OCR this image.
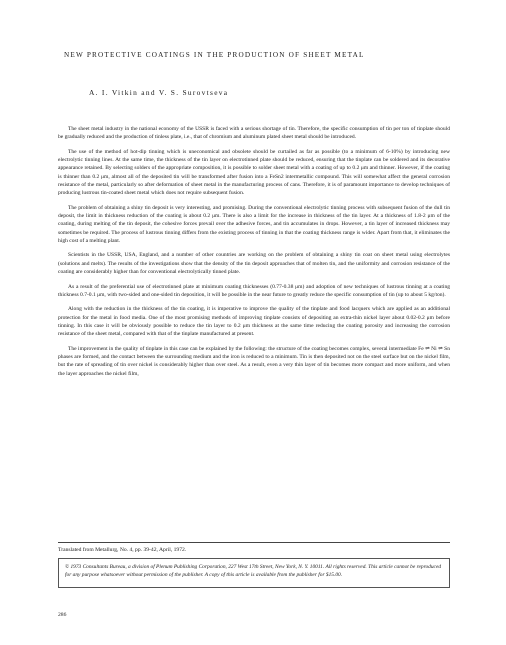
NEW PROTECTIVE COATINGS IN THE PRODUCTION OF SHEET METAL
A. I. Vitkin and V. S. Surovtseva

The sheet metal industry in the national economy of the USSR is faced with a serious shortage of tin. Therefore, the specific consumption of tin per ton of tinplate should be gradually reduced and the production of tinless plate, i.e., that of chromium and aluminum plated sheet metal should be introduced.

The use of the method of hot-dip tinning which is uneconomical and obsolete should be curtailed as far as possible (to a minimum of 6-10%) by introducing new electrolytic tinning lines. At the same time, the thickness of the tin layer on electrotinned plate should be reduced, ensuring that the tinplate can be soldered and its decorative appearance retained. By selecting solders of the appropriate composition, it is possible to solder sheet metal with a coating of up to 0.2 μm and thinner. However, if the coating is thinner than 0.2 μm, almost all of the deposited tin will be transformed after fusion into a FeSn2 intermetallic compound. This will somewhat affect the general corrosion resistance of the metal, particularly so after deformation of sheet metal in the manufacturing process of cans. Therefore, it is of paramount importance to develop techniques of producing lustrous tin-coated sheet metal which does not require subsequent fusion.

The problem of obtaining a shiny tin deposit is very interesting, and promising. During the conventional electrolytic tinning process with subsequent fusion of the dull tin deposit, the limit in thickness reduction of the coating is about 0.2 μm. There is also a limit for the increase in thickness of the tin layer. At a thickness of 1.8-2 μm of the coating, during melting of the tin deposit, the cohesive forces prevail over the adhesive forces, and tin accumulates in drops. However, a tin layer of increased thickness may sometimes be required. The process of lustrous tinning differs from the existing process of tinning in that the coating thickness range is wider. Apart from that, it eliminates the high cost of a melting plant.

Scientists in the USSR, USA, England, and a number of other countries are working on the problem of obtaining a shiny tin coat on sheet metal using electrolytes (solutions and melts). The results of the investigations show that the density of the tin deposit approaches that of molten tin, and the uniformity and corrosion resistance of the coating are considerably higher than for conventional electrolytically tinned plate.

As a result of the preferential use of electrotinned plate at minimum coating thicknesses (0.77-0.38 μm) and adoption of new techniques of lustrous tinning at a coating thickness 0.7-0.1 μm, with two-sided and one-sided tin deposition, it will be possible in the near future to greatly reduce the specific consumption of tin (up to about 5 kg/ton).

Along with the reduction in the thickness of the tin coating, it is imperative to improve the quality of the tinplate and food lacquers which are applied as an additional protection for the metal in food media. One of the most promising methods of improving tinplate consists of depositing an extra-thin nickel layer about 0.02-0.2 μm before tinning. In this case it will be obviously possible to reduce the tin layer to 0.2 μm thickness at the same time reducing the coating porosity and increasing the corrosion resistance of the sheet metal, compared with that of the tinplate manufactured at present.

The improvement in the quality of tinplate in this case can be explained by the following: the structure of the coating becomes complex, several intermediate Fe ⇌ Ni ⇌ Sn phases are formed, and the contact between the surrounding medium and the iron is reduced to a minimum. Tin is then deposited not on the steel surface but on the nickel film, but the rate of spreading of tin over nickel is considerably higher than over steel. As a result, even a very thin layer of tin becomes more compact and more uniform, and when the layer approaches the nickel film,

Translated from Metallurg, No. 4, pp. 39-42, April, 1972.
© 1973 Consultants Bureau, a division of Plenum Publishing Corporation, 227 West 17th Street, New York, N. Y. 10011. All rights reserved. This article cannot be reproduced for any purpose whatsoever without permission of the publisher. A copy of this article is available from the publisher for $15.00.
286
